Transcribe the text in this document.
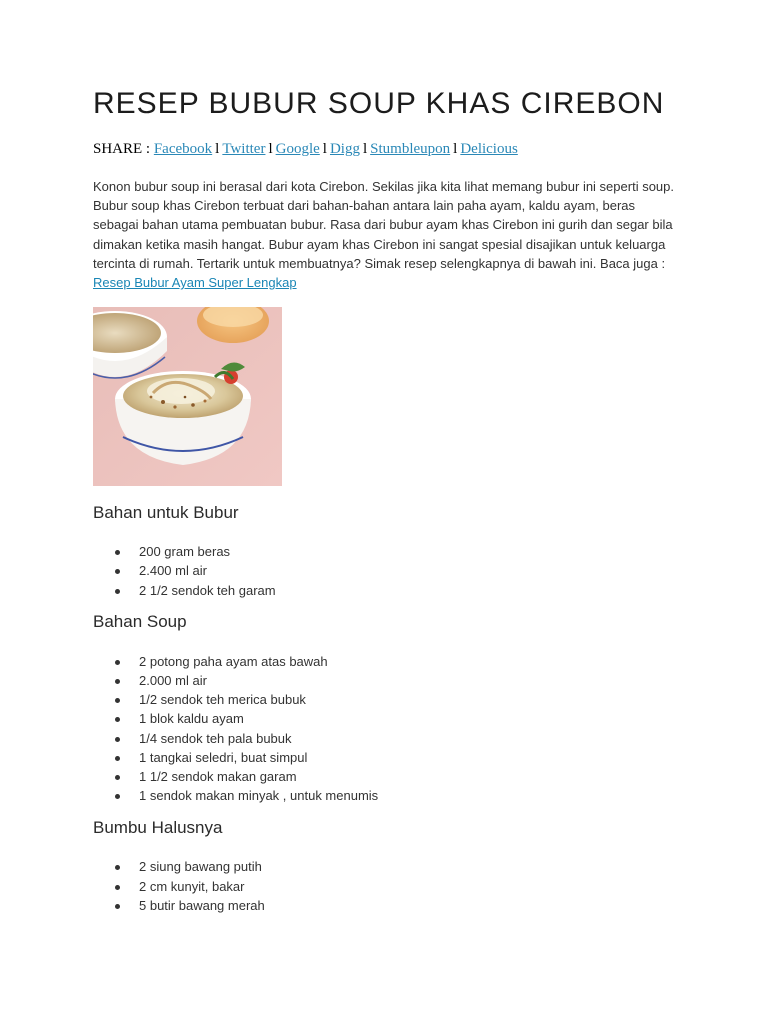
RESEP BUBUR SOUP KHAS CIREBON
SHARE : Facebook l Twitter l Google l Digg l Stumbleupon l Delicious

Konon bubur soup ini berasal dari kota Cirebon. Sekilas jika kita lihat memang bubur ini seperti soup. Bubur soup khas Cirebon terbuat dari bahan-bahan antara lain paha ayam, kaldu ayam, beras sebagai bahan utama pembuatan bubur. Rasa dari bubur ayam khas Cirebon ini gurih dan segar bila dimakan ketika masih hangat. Bubur ayam khas Cirebon ini sangat spesial disajikan untuk keluarga tercinta di rumah. Tertarik untuk membuatnya? Simak resep selengkapnya di bawah ini. Baca juga : Resep Bubur Ayam Super Lengkap

Bahan untuk Bubur
200 gram beras
2.400 ml air
2 1/2 sendok teh garam
Bahan Soup
2 potong paha ayam atas bawah
2.000 ml air
1/2 sendok teh merica bubuk
1 blok kaldu ayam
1/4 sendok teh pala bubuk
1 tangkai seledri, buat simpul
1 1/2 sendok makan garam
1 sendok makan minyak , untuk menumis
Bumbu Halusnya
2 siung bawang putih
2 cm kunyit, bakar
5 butir bawang merah
